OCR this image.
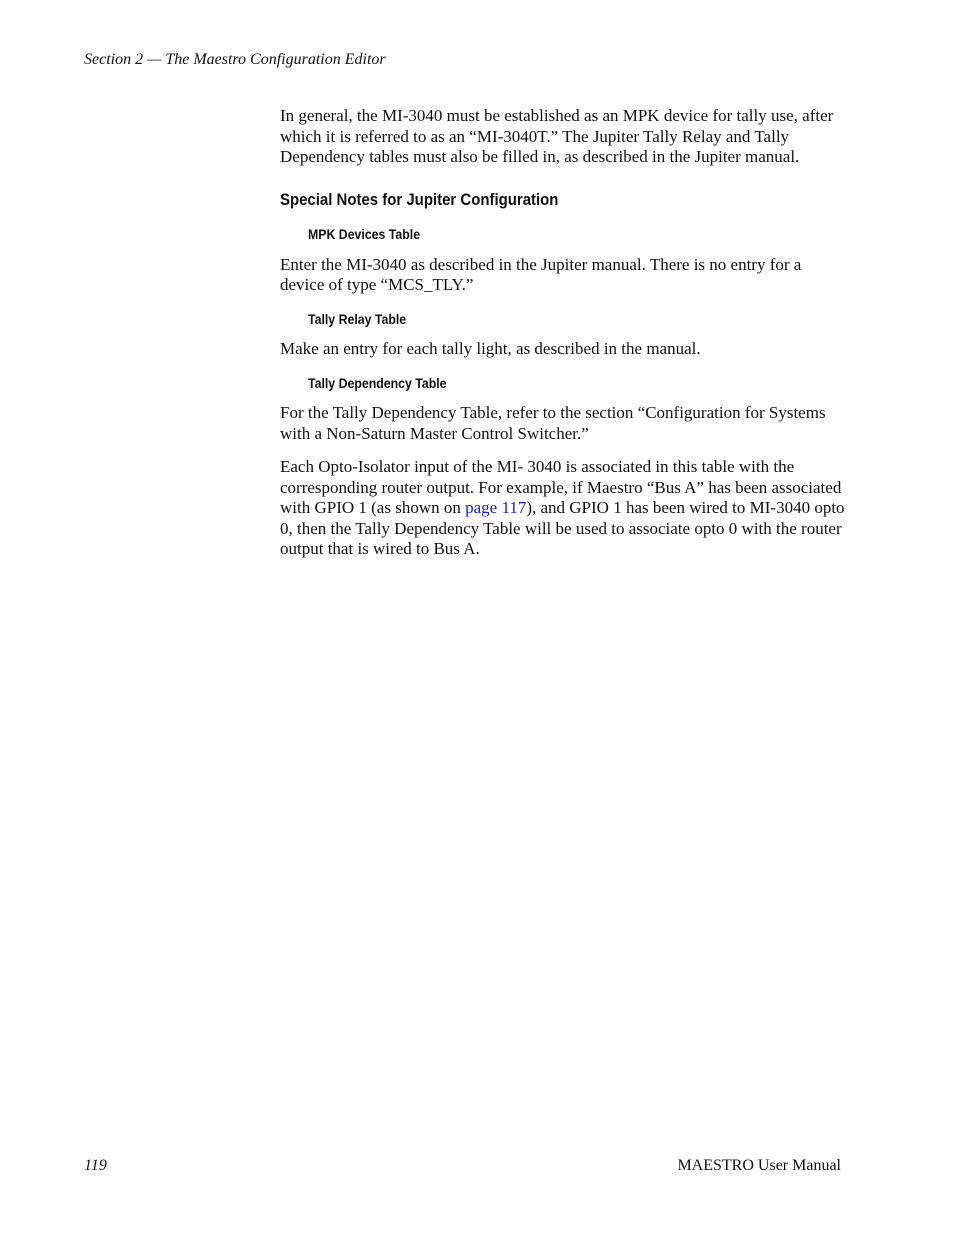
Section 2 — The Maestro Configuration Editor

In general, the MI-3040 must be established as an MPK device for tally use, after which it is referred to as an “MI-3040T.” The Jupiter Tally Relay and Tally Dependency tables must also be filled in, as described in the Jupiter manual.

Special Notes for Jupiter Configuration
MPK Devices Table

Enter the MI-3040 as described in the Jupiter manual. There is no entry for a device of type “MCS_TLY.”

Tally Relay Table

Make an entry for each tally light, as described in the manual.

Tally Dependency Table

For the Tally Dependency Table, refer to the section “Configuration for Systems with a Non-Saturn Master Control Switcher.”

Each Opto-Isolator input of the MI- 3040 is associated in this table with the corresponding router output. For example, if Maestro “Bus A” has been associated with GPIO 1 (as shown on page 117), and GPIO 1 has been wired to MI-3040 opto 0, then the Tally Dependency Table will be used to associate opto 0 with the router output that is wired to Bus A.

119	MAESTRO User Manual
